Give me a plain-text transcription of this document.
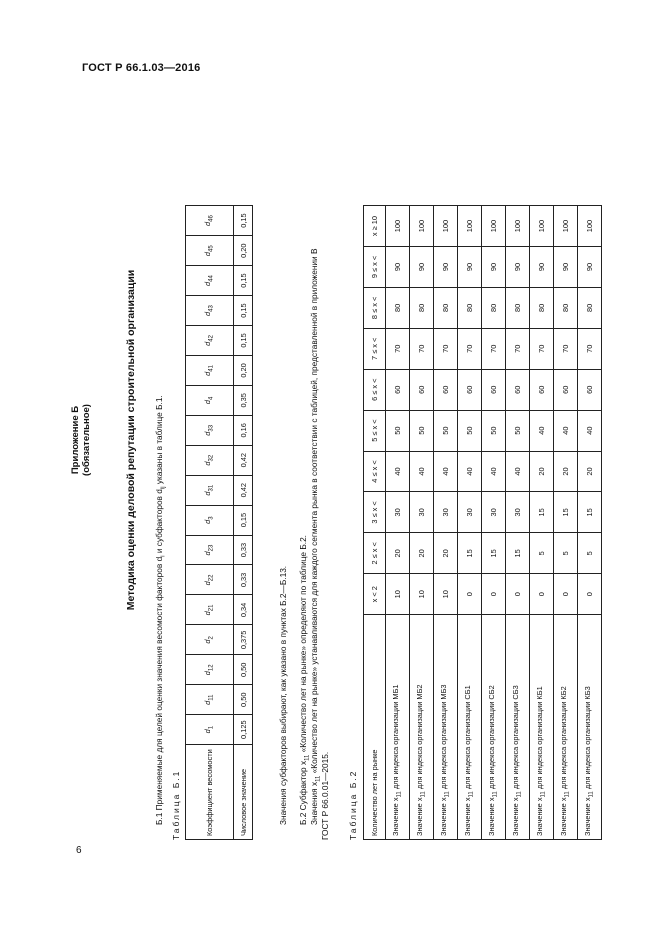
ГОСТ Р 66.1.03—2016
6
Приложение Б (обязательное)	Методика оценки деловой репутации строительной организации
Б.1 Применяемые для целей оценки значения весомости факторов $d_i$ и субфакторов $d_{ij}$ указаны в таблице Б.1.
Таблица Б.1	Коэффициент весомости	$d_1$	$d_{11}$	$d_{12}$	$d_2$	$d_{21}$	$d_{22}$	$d_{23}$	$d_3$	$d_{31}$	$d_{32}$	$d_{33}$	$d_4$	$d_{41}$	$d_{42}$	$d_{43}$	$d_{44}$	$d_{45}$	$d_{46}$
Числовое значение	0,125	0,50	0,50	0,375	0,34	0,33	0,33	0,15	0,42	0,42	0,16	0,35	0,20	0,15	0,15	0,15	0,20	0,15
Значения субфакторов выбирают, как указано в пунктах Б.2—Б.13. Б.2 Субфактор $x_{11}$ «Количество лет на рынке» определяют по таблице Б.2.
Значения $x_{11}$ «Количество лет на рынке» устанавливаются для каждого сегмента рынка в соответствии с таблицей, представленной в приложении В
ГОСТ Р 66.0.01—2015. Таблица Б.2 Количество лет на рынке	x < 2	2 ≤ x <	3 ≤ x <	4 ≤ x <	5 ≤ x <	6 ≤ x <	7 ≤ x <	8 ≤ x <	9 ≤ x <	x ≥ 10
Значение $x_{11}$ для индекса организации МБ1	10	20	30	40	50	60	70	80	90	100
Значение $x_{11}$ для индекса организации МБ2	10	20	30	40	50	60	70	80	90	100
Значение $x_{11}$ для индекса организации МБ3	10	20	30	40	50	60	70	80	90	100
Значение $x_{11}$ для индекса организации СБ1	0	15	30	40	50	60	70	80	90	100
Значение $x_{11}$ для индекса организации СБ2	0	15	30	40	50	60	70	80	90	100
Значение $x_{11}$ для индекса организации СБ3	0	15	30	40	50	60	70	80	90	100
Значение $x_{11}$ для индекса организации КБ1	0	5	15	20	40	60	70	80	90	100
Значение $x_{11}$ для индекса организации КБ2	0	5	15	20	40	60	70	80	90	100
Значение $x_{11}$ для индекса организации КБ3	0	5	15	20	40	60	70	80	90	100
